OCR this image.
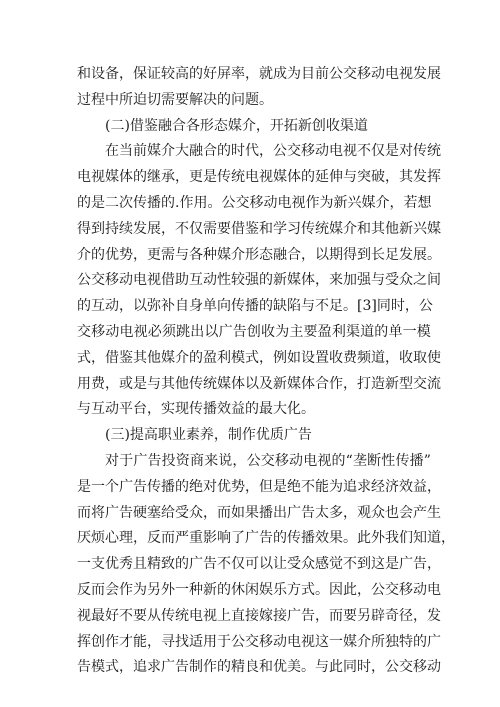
和 设 备 ， 保 证 较 高 的 好 屏 率 ， 就 成 为 目 前 公 交 移 动 电 视 发 展
过程中所迫切需要解决的问题。
(二)借鉴融合各形态媒介，开拓新创收渠道
在 当 前 媒 介 大 融 合 的 时 代 ， 公 交 移 动 电 视 不 仅 是 对 传 统
电 视 媒 体 的 继 承 ， 更 是 传 统 电 视 媒 体 的 延 伸 与 突 破 ， 其 发 挥
的 是 二 次 传 播 的 . 作 用 。 公 交 移 动 电 视 作 为 新 兴 媒 介 ， 若 想
得 到 持 续 发 展 ， 不 仅 需 要 借 鉴 和 学 习 传 统 媒 介 和 其 他 新 兴 媒
介 的 优 势 ， 更 需 与 各 种 媒 介 形 态 融 合 ， 以 期 得 到 长 足 发 展 。
公 交 移 动 电 视 借 助 互 动 性 较 强 的 新 媒 体 ， 来 加 强 与 受 众 之 间
的 互 动 ， 以 弥 补 自 身 单 向 传 播 的 缺 陷 与 不 足 。 [ 3 ] 同 时 ， 公
交 移 动 电 视 必 须 跳 出 以 广 告 创 收 为 主 要 盈 利 渠 道 的 单 一 模
式 ， 借 鉴 其 他 媒 介 的 盈 利 模 式 ， 例 如 设 置 收 费 频 道 ， 收 取 使
用 费 ， 或 是 与 其 他 传 统 媒 体 以 及 新 媒 体 合 作 ， 打 造 新 型 交 流
与互动平台，实现传播效益的最大化。
(三)提高职业素养，制作优质广告
对 于 广 告 投 资 商 来 说 ， 公 交 移 动 电 视 的 “ 垄 断 性 传 播 ”
是 一 个 广 告 传 播 的 绝 对 优 势 ， 但 是 绝 不 能 为 追 求 经 济 效 益 ，
而 将 广 告 硬 塞 给 受 众 ， 而 如 果 播 出 广 告 太 多 ， 观 众 也 会 产 生
厌 烦 心 理 ， 反 而 严 重 影 响 了 广 告 的 传 播 效 果 。 此 外 我 们 知 道 ，
一 支 优 秀 且 精 致 的 广 告 不 仅 可 以 让 受 众 感 觉 不 到 这 是 广 告 ，
反 而 会 作 为 另 外 一 种 新 的 休 闲 娱 乐 方 式 。 因 此 ， 公 交 移 动 电
视 最 好 不 要 从 传 统 电 视 上 直 接 嫁 接 广 告 ， 而 要 另 辟 奇 径 ， 发
挥 创 作 才 能 ， 寻 找 适 用 于 公 交 移 动 电 视 这 一 媒 介 所 独 特 的 广
告 模 式 ， 追 求 广 告 制 作 的 精 良 和 优 美 。 与 此 同 时 ， 公 交 移 动
